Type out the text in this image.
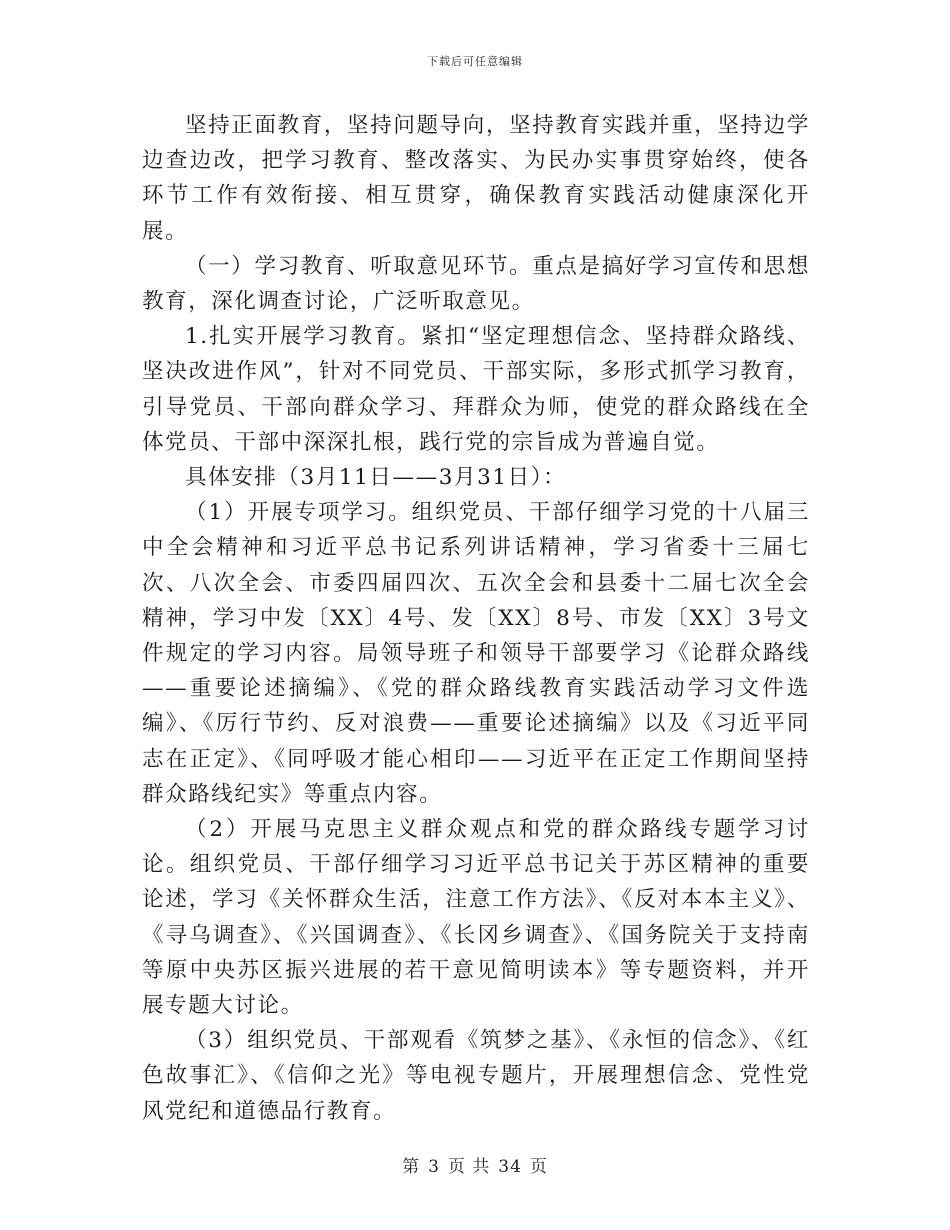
下载后可任意编辑

坚持正面教育，坚持问题导向，坚持教育实践并重，坚持边学边查边改，把学习教育、整改落实、为民办实事贯穿始终，使各环节工作有效衔接、相互贯穿，确保教育实践活动健康深化开展。

（一）学习教育、听取意见环节。重点是搞好学习宣传和思想教育，深化调查讨论，广泛听取意见。

1.扎实开展学习教育。紧扣“坚定理想信念、坚持群众路线、坚决改进作风”，针对不同党员、干部实际，多形式抓学习教育，引导党员、干部向群众学习、拜群众为师，使党的群众路线在全体党员、干部中深深扎根，践行党的宗旨成为普遍自觉。

具体安排（3月11日——3月31日）：

（1）开展专项学习。组织党员、干部仔细学习党的十八届三中全会精神和习近平总书记系列讲话精神，学习省委十三届七次、八次全会、市委四届四次、五次全会和县委十二届七次全会精神，学习中发〔XX〕4号、发〔XX〕8号、市发〔XX〕3号文件规定的学习内容。局领导班子和领导干部要学习《论群众路线——重要论述摘编》、《党的群众路线教育实践活动学习文件选编》、《厉行节约、反对浪费——重要论述摘编》以及《习近平同志在正定》、《同呼吸才能心相印——习近平在正定工作期间坚持群众路线纪实》等重点内容。

（2）开展马克思主义群众观点和党的群众路线专题学习讨论。组织党员、干部仔细学习习近平总书记关于苏区精神的重要论述，学习《关怀群众生活，注意工作方法》、《反对本本主义》、《寻乌调查》、《兴国调查》、《长冈乡调查》、《国务院关于支持南等原中央苏区振兴进展的若干意见简明读本》等专题资料，并开展专题大讨论。

（3）组织党员、干部观看《筑梦之基》、《永恒的信念》、《红色故事汇》、《信仰之光》等电视专题片，开展理想信念、党性党风党纪和道德品行教育。

第 3 页 共 34 页
